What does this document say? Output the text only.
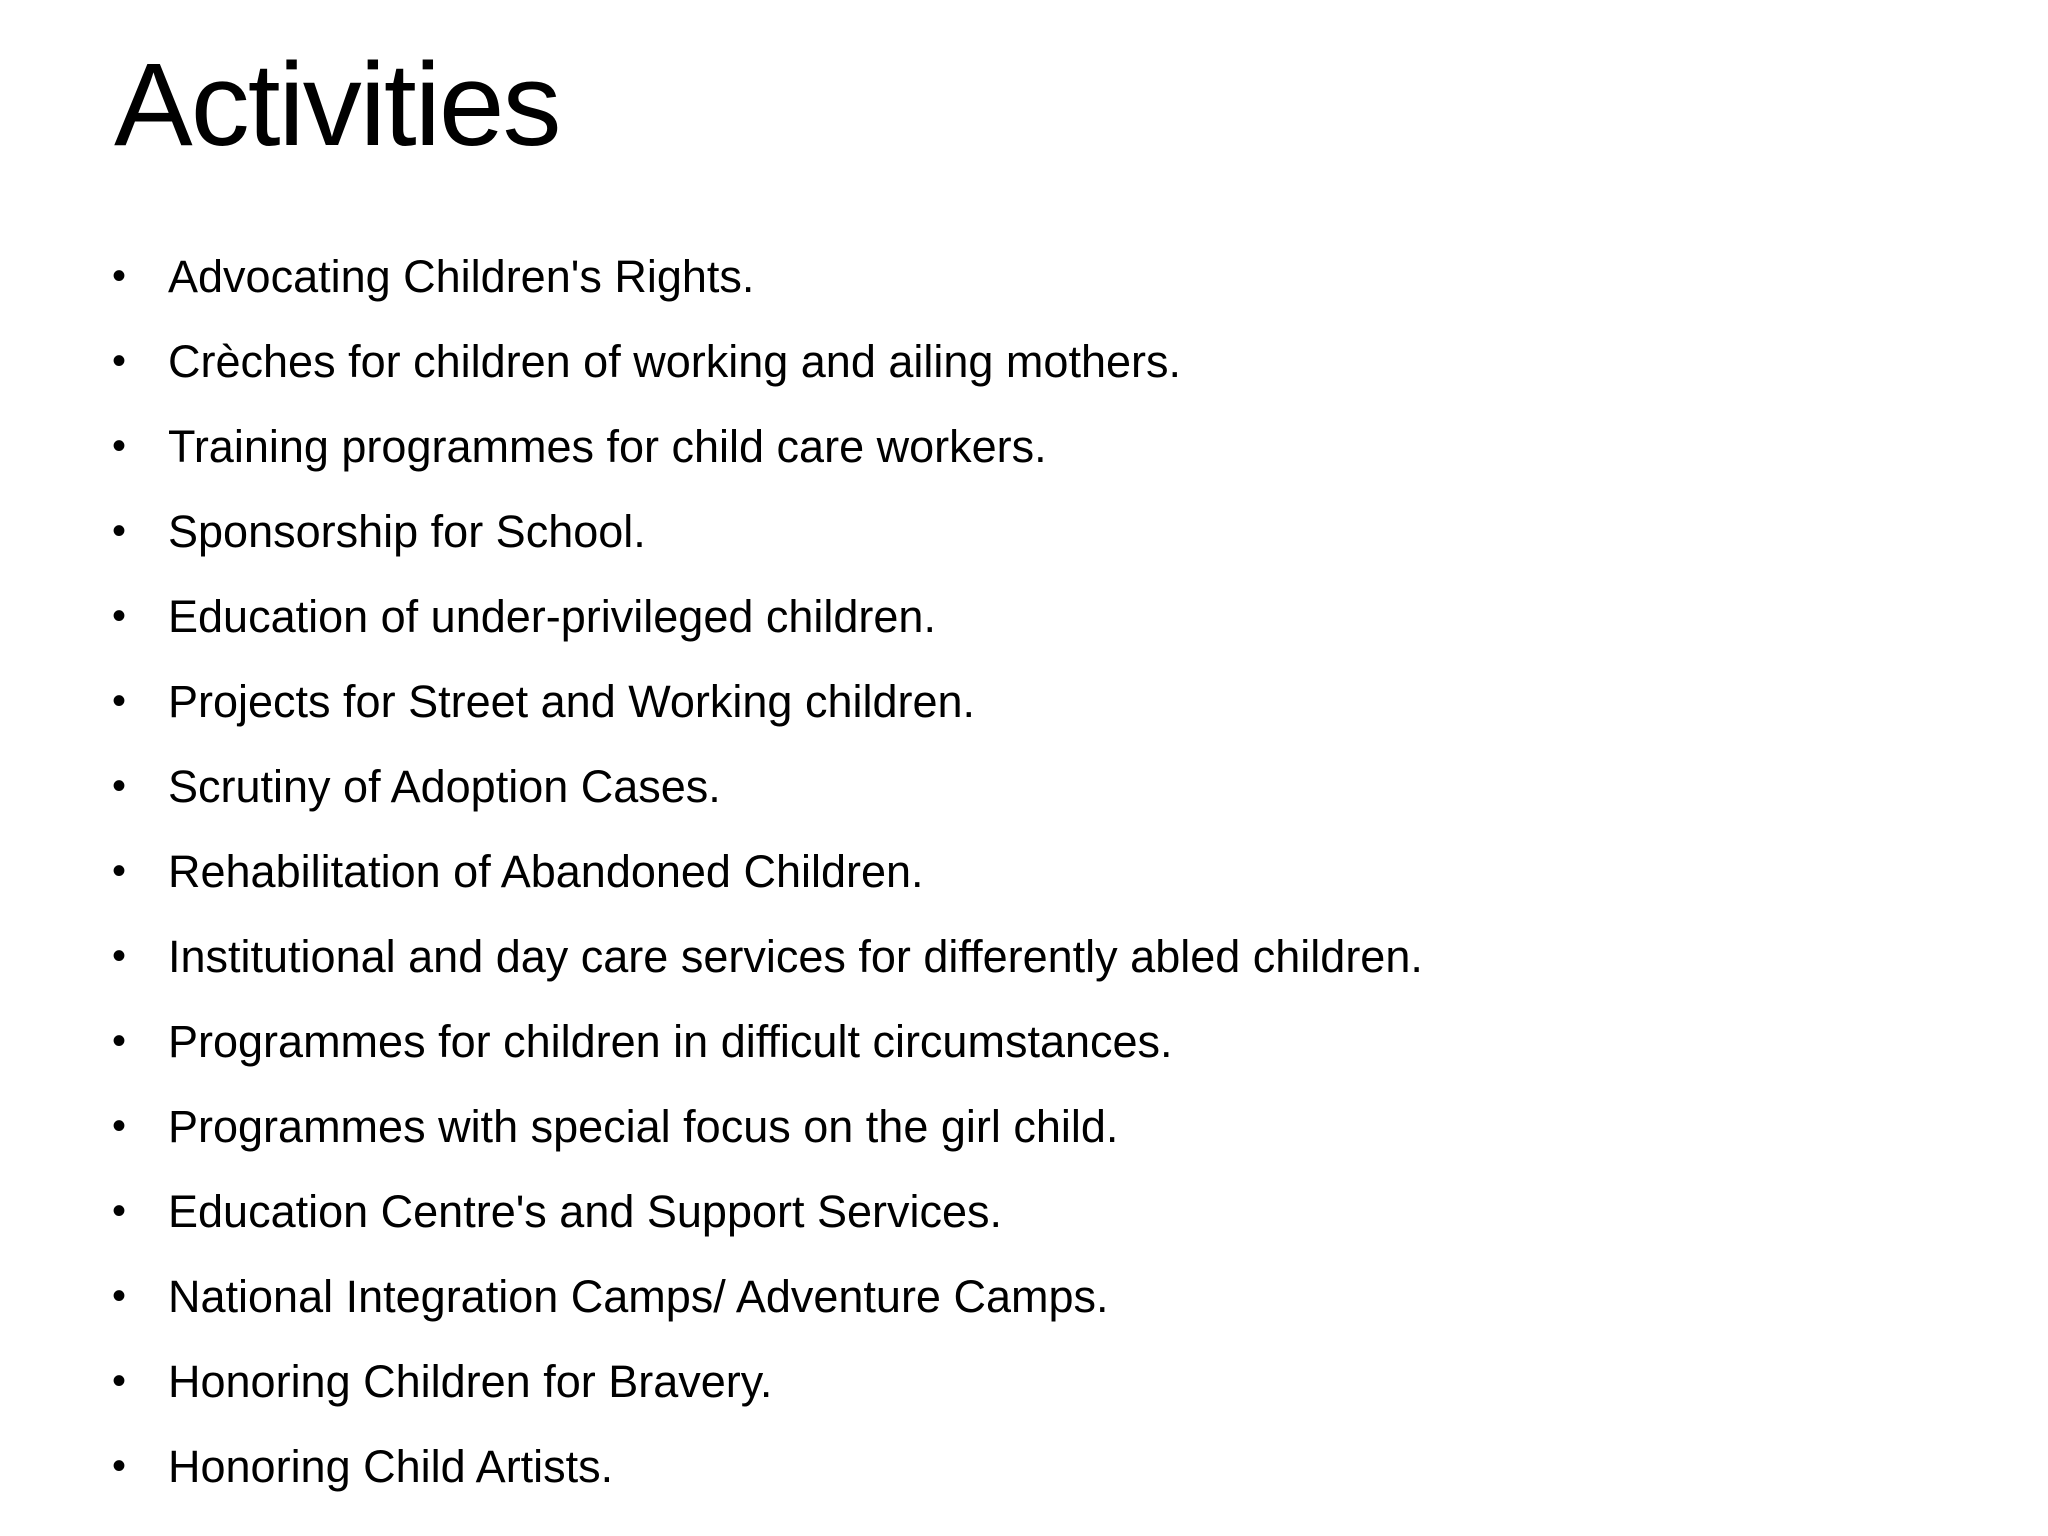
Activities
• Advocating Children's Rights.
• Crèches for children of working and ailing mothers.
• Training programmes for child care workers.
• Sponsorship for School.
• Education of under-privileged children.
• Projects for Street and Working children.
• Scrutiny of Adoption Cases.
• Rehabilitation of Abandoned Children.
• Institutional and day care services for differently abled children.
• Programmes for children in difficult circumstances.
• Programmes with special focus on the girl child.
• Education Centre's and Support Services.
• National Integration Camps/ Adventure Camps.
• Honoring Children for Bravery.
• Honoring Child Artists.
